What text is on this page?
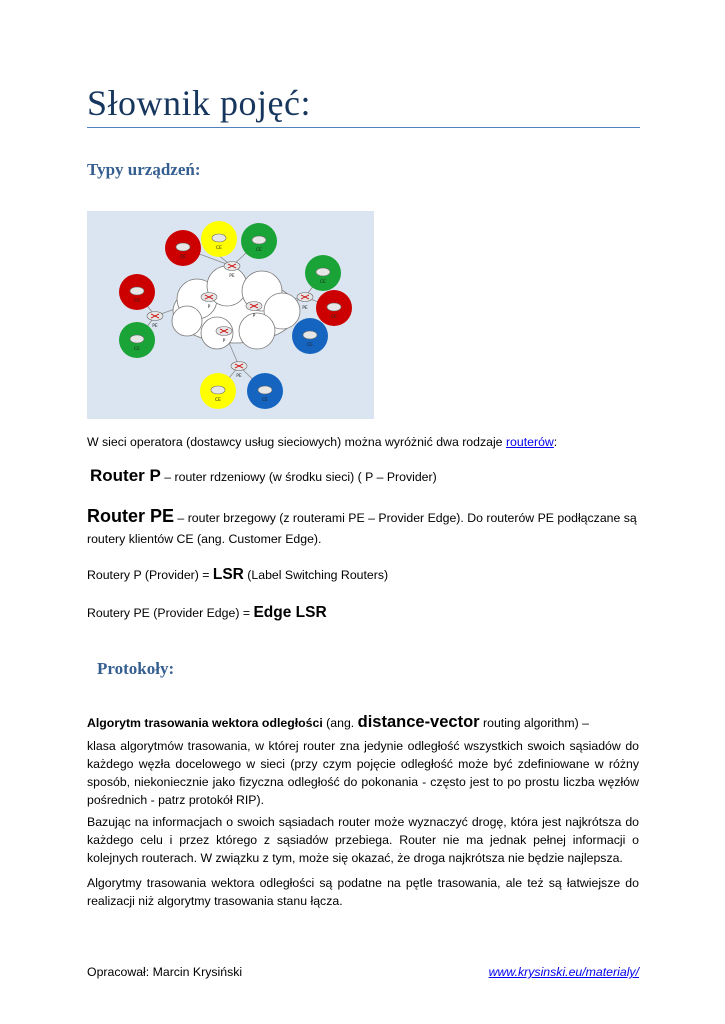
Słownik pojęć:
Typy urządzeń:
CE
CE	CE
CE
CE
CE
CE
CE
CE	CE
PE
PE
PE
PE
P
P
P
W sieci operatora (dostawcy usług sieciowych) można wyróżnić dwa rodzaje routerów:
Router P – router rdzeniowy (w środku sieci) ( P – Provider)
Router PE – router brzegowy (z routerami PE – Provider Edge). Do routerów PE podłączane są
routery klientów CE (ang. Customer Edge).
Routery P (Provider) = LSR (Label Switching Routers)
Routery PE (Provider Edge) = Edge LSR
Protokoły:
Algorytm trasowania wektora odległości (ang. distance-vector routing algorithm) –
klasa algorytmów trasowania, w której router zna jedynie odległość wszystkich swoich sąsiadów do każdego węzła docelowego w sieci (przy czym pojęcie odległość może być zdefiniowane w różny sposób, niekoniecznie jako fizyczna odległość do pokonania - często jest to po prostu liczba węzłów pośrednich - patrz protokół RIP).
Bazując na informacjach o swoich sąsiadach router może wyznaczyć drogę, która jest najkrótsza do każdego celu i przez którego z sąsiadów przebiega. Router nie ma jednak pełnej informacji o kolejnych routerach. W związku z tym, może się okazać, że droga najkrótsza nie będzie najlepsza.
Algorytmy trasowania wektora odległości są podatne na pętle trasowania, ale też są łatwiejsze do realizacji niż algorytmy trasowania stanu łącza.
Opracował: Marcin Krysiński	www.krysinski.eu/materialy/
